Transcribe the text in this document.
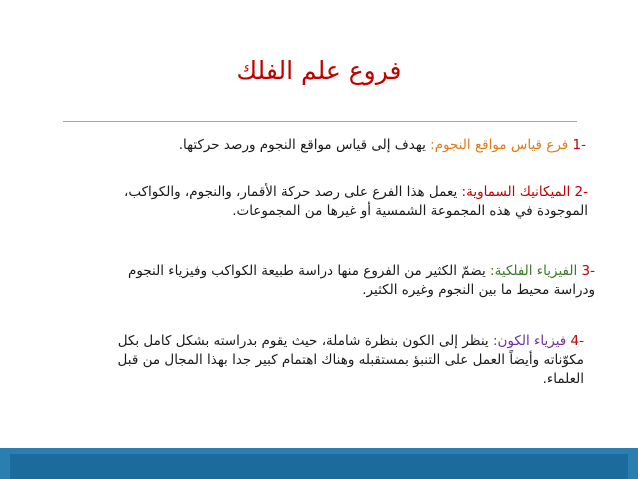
فروع علم الفلك
-1 فرع قياس مواقع النجوم: يهدف إلى قياس مواقع النجوم ورصد حركتها.
-2 الميكانيك السماوية: يعمل هذا الفرع على رصد حركة الأقمار، والنجوم، والكواكب،
الموجودة في هذه المجموعة الشمسية أو غيرها من المجموعات.
-3 الفيزياء الفلكية: يضمّ الكثير من الفروع منها دراسة طبيعة الكواكب وفيزياء النجوم
ودراسة محيط ما بين النجوم وغيره الكثير.
-4 فيزياء الكون: ينظر إلى الكون بنظرة شاملة، حيث يقوم بدراسته بشكل كامل بكل
مكوّناته وأيضاً العمل على التنبؤ بمستقبله وهناك اهتمام كبير جدا بهذا المجال من قبل
العلماء.
